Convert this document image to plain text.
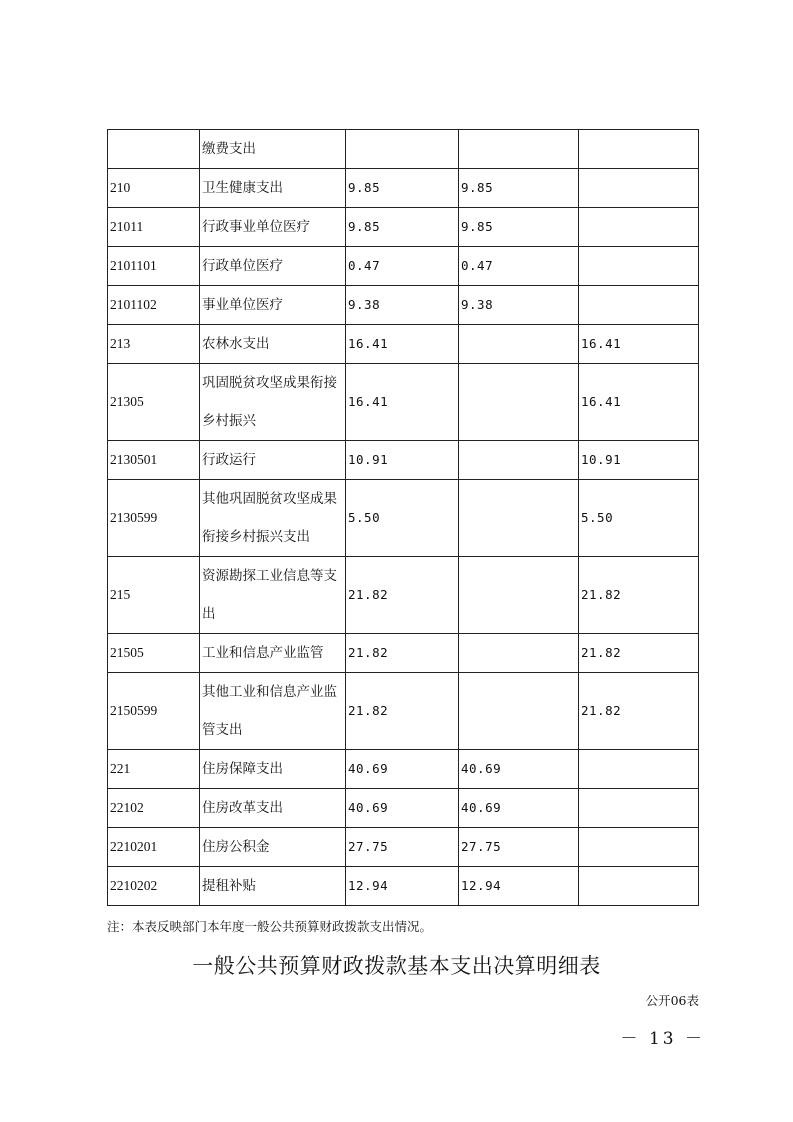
	缴费支出			

210	卫生健康支出	9.85	9.85	
21011	行政事业单位医疗	9.85	9.85	
2101101	行政单位医疗	0.47	0.47	
2101102	事业单位医疗	9.38	9.38	
213	农林水支出	16.41		16.41
21305	巩固脱贫攻坚成果衔接
乡村振兴	16.41		16.41
2130501	行政运行	10.91		10.91
2130599	其他巩固脱贫攻坚成果
衔接乡村振兴支出	5.50		5.50
215	资源勘探工业信息等支
出	21.82		21.82
21505	工业和信息产业监管	21.82		21.82
2150599	其他工业和信息产业监
管支出	21.82		21.82
221	住房保障支出	40.69	40.69	
22102	住房改革支出	40.69	40.69	
2210201	住房公积金	27.75	27.75	
2210202	提租补贴	12.94	12.94	
注：本表反映部门本年度一般公共预算财政拨款支出情况。
一般公共预算财政拨款基本支出决算明细表
公开06表
－ 13 －
